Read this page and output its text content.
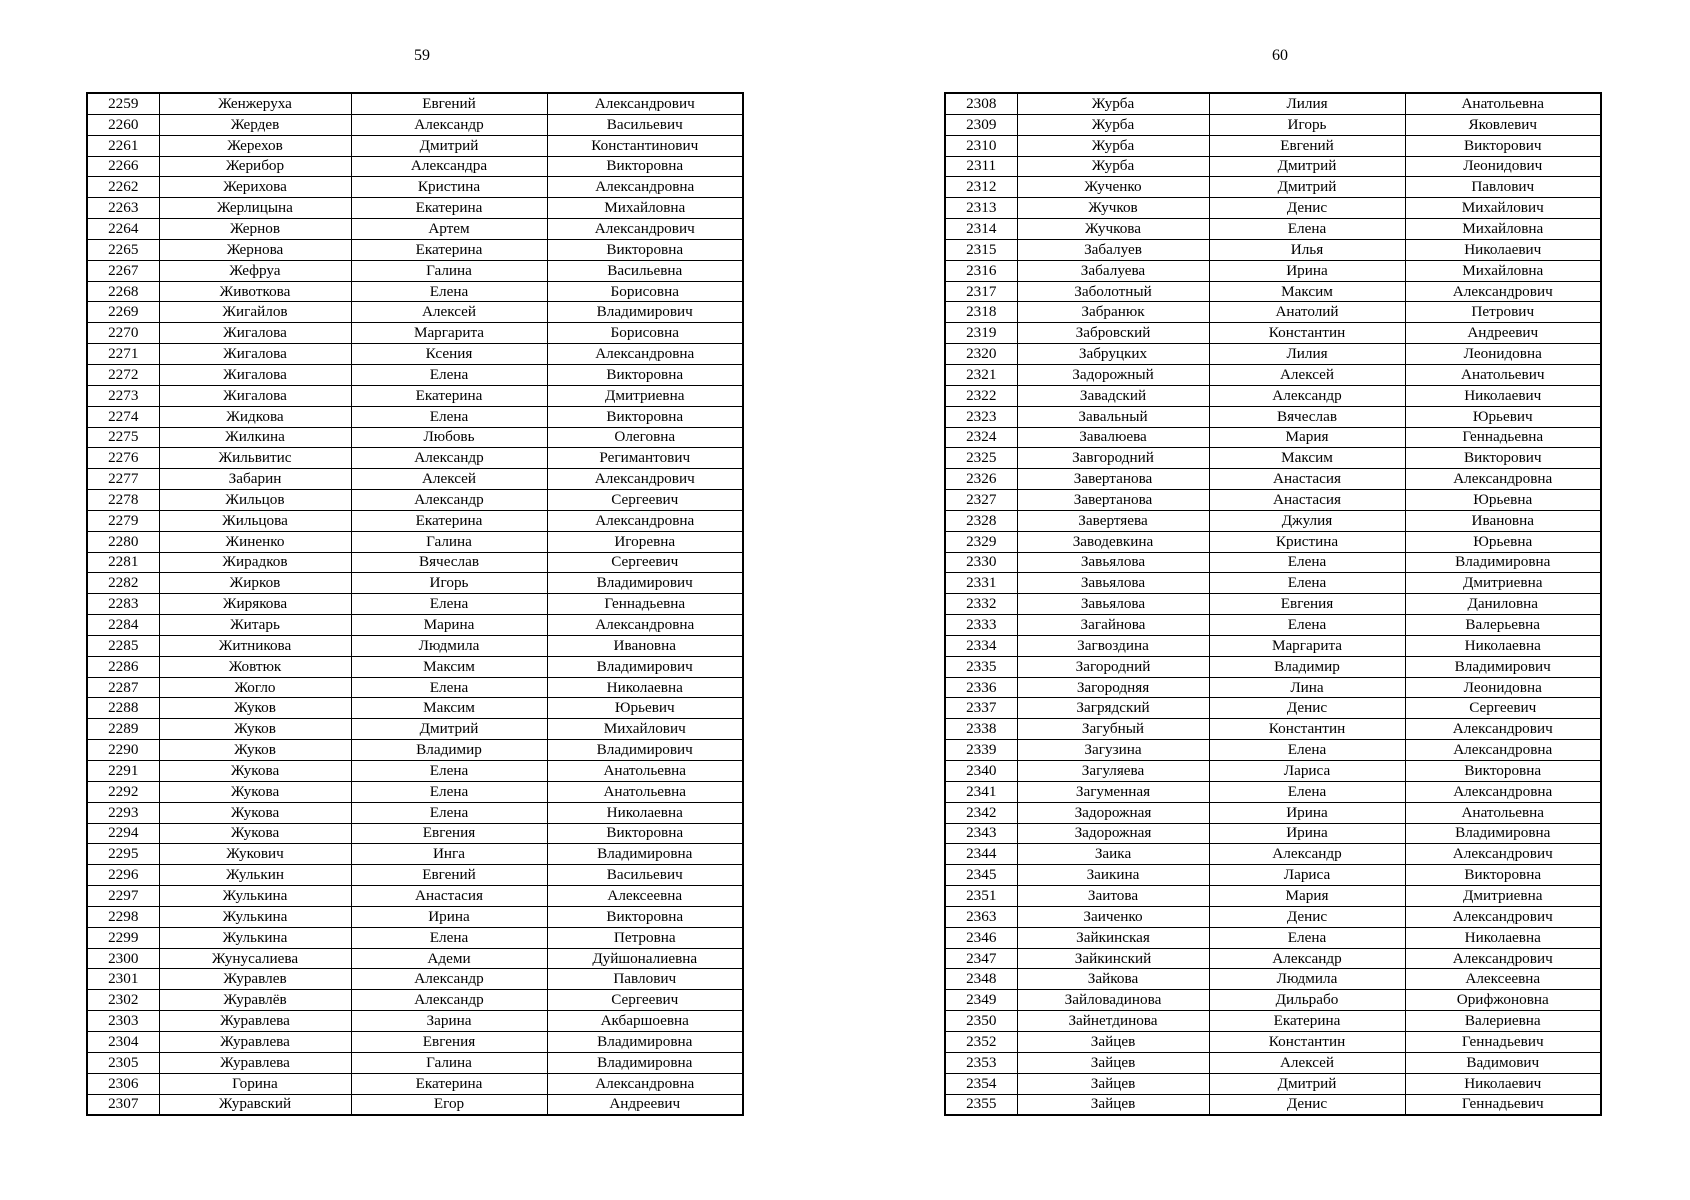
59	60
2259	Женжеруха	Евгений	Александрович
2260	Жердев	Александр	Васильевич
2261	Жерехов	Дмитрий	Константинович
2266	Жерибор	Александра	Викторовна
2262	Жерихова	Кристина	Александровна
2263	Жерлицына	Екатерина	Михайловна
2264	Жернов	Артем	Александрович
2265	Жернова	Екатерина	Викторовна
2267	Жефруа	Галина	Васильевна
2268	Животкова	Елена	Борисовна
2269	Жигайлов	Алексей	Владимирович
2270	Жигалова	Маргарита	Борисовна
2271	Жигалова	Ксения	Александровна
2272	Жигалова	Елена	Викторовна
2273	Жигалова	Екатерина	Дмитриевна
2274	Жидкова	Елена	Викторовна
2275	Жилкина	Любовь	Олеговна
2276	Жильвитис	Александр	Регимантович
2277	Забарин	Алексей	Александрович
2278	Жильцов	Александр	Сергеевич
2279	Жильцова	Екатерина	Александровна
2280	Жиненко	Галина	Игоревна
2281	Жирадков	Вячеслав	Сергеевич
2282	Жирков	Игорь	Владимирович
2283	Жирякова	Елена	Геннадьевна
2284	Житарь	Марина	Александровна
2285	Житникова	Людмила	Ивановна
2286	Жовтюк	Максим	Владимирович
2287	Жогло	Елена	Николаевна
2288	Жуков	Максим	Юрьевич
2289	Жуков	Дмитрий	Михайлович
2290	Жуков	Владимир	Владимирович
2291	Жукова	Елена	Анатольевна
2292	Жукова	Елена	Анатольевна
2293	Жукова	Елена	Николаевна
2294	Жукова	Евгения	Викторовна
2295	Жукович	Инга	Владимировна
2296	Жулькин	Евгений	Васильевич
2297	Жулькина	Анастасия	Алексеевна
2298	Жулькина	Ирина	Викторовна
2299	Жулькина	Елена	Петровна
2300	Жунусалиева	Адеми	Дуйшоналиевна
2301	Журавлев	Александр	Павлович
2302	Журавлёв	Александр	Сергеевич
2303	Журавлева	Зарина	Акбаршоевна
2304	Журавлева	Евгения	Владимировна
2305	Журавлева	Галина	Владимировна
2306	Горина	Екатерина	Александровна
2307	Журавский	Егор	Андреевич
2308	Журба	Лилия	Анатольевна
2309	Журба	Игорь	Яковлевич
2310	Журба	Евгений	Викторович
2311	Журба	Дмитрий	Леонидович
2312	Жученко	Дмитрий	Павлович
2313	Жучков	Денис	Михайлович
2314	Жучкова	Елена	Михайловна
2315	Забалуев	Илья	Николаевич
2316	Забалуева	Ирина	Михайловна
2317	Заболотный	Максим	Александрович
2318	Забранюк	Анатолий	Петрович
2319	Забровский	Константин	Андреевич
2320	Забруцких	Лилия	Леонидовна
2321	Задорожный	Алексей	Анатольевич
2322	Завадский	Александр	Николаевич
2323	Завальный	Вячеслав	Юрьевич
2324	Завалюева	Мария	Геннадьевна
2325	Завгородний	Максим	Викторович
2326	Завертанова	Анастасия	Александровна
2327	Завертанова	Анастасия	Юрьевна
2328	Завертяева	Джулия	Ивановна
2329	Заводевкина	Кристина	Юрьевна
2330	Завьялова	Елена	Владимировна
2331	Завьялова	Елена	Дмитриевна
2332	Завьялова	Евгения	Даниловна
2333	Загайнова	Елена	Валерьевна
2334	Загвоздина	Маргарита	Николаевна
2335	Загородний	Владимир	Владимирович
2336	Загородняя	Лина	Леонидовна
2337	Загрядский	Денис	Сергеевич
2338	Загубный	Константин	Александрович
2339	Загузина	Елена	Александровна
2340	Загуляева	Лариса	Викторовна
2341	Загуменная	Елена	Александровна
2342	Задорожная	Ирина	Анатольевна
2343	Задорожная	Ирина	Владимировна
2344	Заика	Александр	Александрович
2345	Заикина	Лариса	Викторовна
2351	Заитова	Мария	Дмитриевна
2363	Заиченко	Денис	Александрович
2346	Зайкинская	Елена	Николаевна
2347	Зайкинский	Александр	Александрович
2348	Зайкова	Людмила	Алексеевна
2349	Зайловадинова	Дильрабо	Орифжоновна
2350	Зайнетдинова	Екатерина	Валериевна
2352	Зайцев	Константин	Геннадьевич
2353	Зайцев	Алексей	Вадимович
2354	Зайцев	Дмитрий	Николаевич
2355	Зайцев	Денис	Геннадьевич
